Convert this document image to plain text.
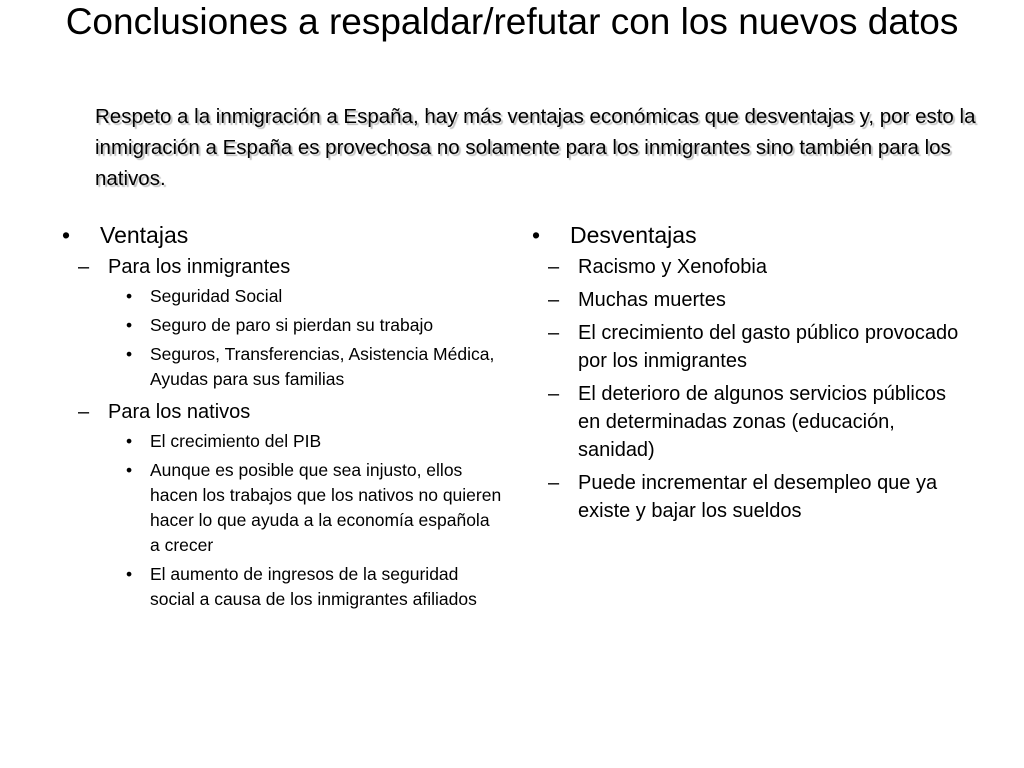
Conclusiones a respaldar/refutar con los nuevos datos
Respeto a la inmigración a España, hay más ventajas económicas que desventajas y, por esto la inmigración a España es provechosa no solamente para los inmigrantes sino también para los nativos.
• Ventajas
– Para los inmigrantes
• Seguridad Social
• Seguro de paro si pierdan su trabajo
• Seguros, Transferencias, Asistencia Médica, Ayudas para sus familias
– Para los nativos
• El crecimiento del PIB
• Aunque es posible que sea injusto, ellos hacen los trabajos que los nativos no quieren hacer lo que ayuda a la economía española a crecer
• El aumento de ingresos de la seguridad social a causa de los inmigrantes afiliados
• Desventajas
– Racismo y Xenofobia
– Muchas muertes
– El crecimiento del gasto público provocado por los inmigrantes
– El deterioro de algunos servicios públicos en determinadas zonas (educación, sanidad)
– Puede incrementar el desempleo que ya existe y bajar los sueldos
